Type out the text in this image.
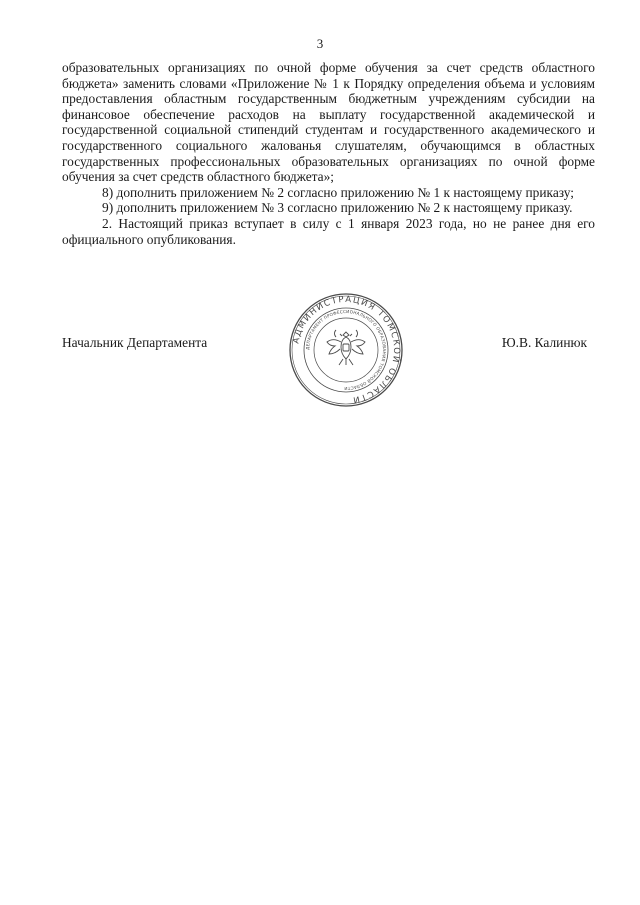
3

образовательных организациях по очной форме обучения за счет средств областного бюджета» заменить словами «Приложение № 1 к Порядку определения объема и условиям предоставления областным государственным бюджетным учреждениям субсидии на финансовое обеспечение расходов на выплату государственной академической и государственной социальной стипендий студентам и государственного академического и государственного социального жалованья слушателям, обучающимся в областных государственных профессиональных образовательных организациях по очной форме обучения за счет средств областного бюджета»;

8) дополнить приложением № 2 согласно приложению № 1 к настоящему приказу;

9) дополнить приложением № 3 согласно приложению № 2 к настоящему приказу.

2. Настоящий приказ вступает в силу с 1 января 2023 года, но не ранее дня его официального опубликования.

Начальник Департамента	Ю.В. Калинюк
АДМИНИСТРАЦИЯ ТОМСКОЙ ОБЛАСТИ
ДЕПАРТАМЕНТ ПРОФЕССИОНАЛЬНОГО ОБРАЗОВАНИЯ ТОМСКОЙ ОБЛАСТИ
